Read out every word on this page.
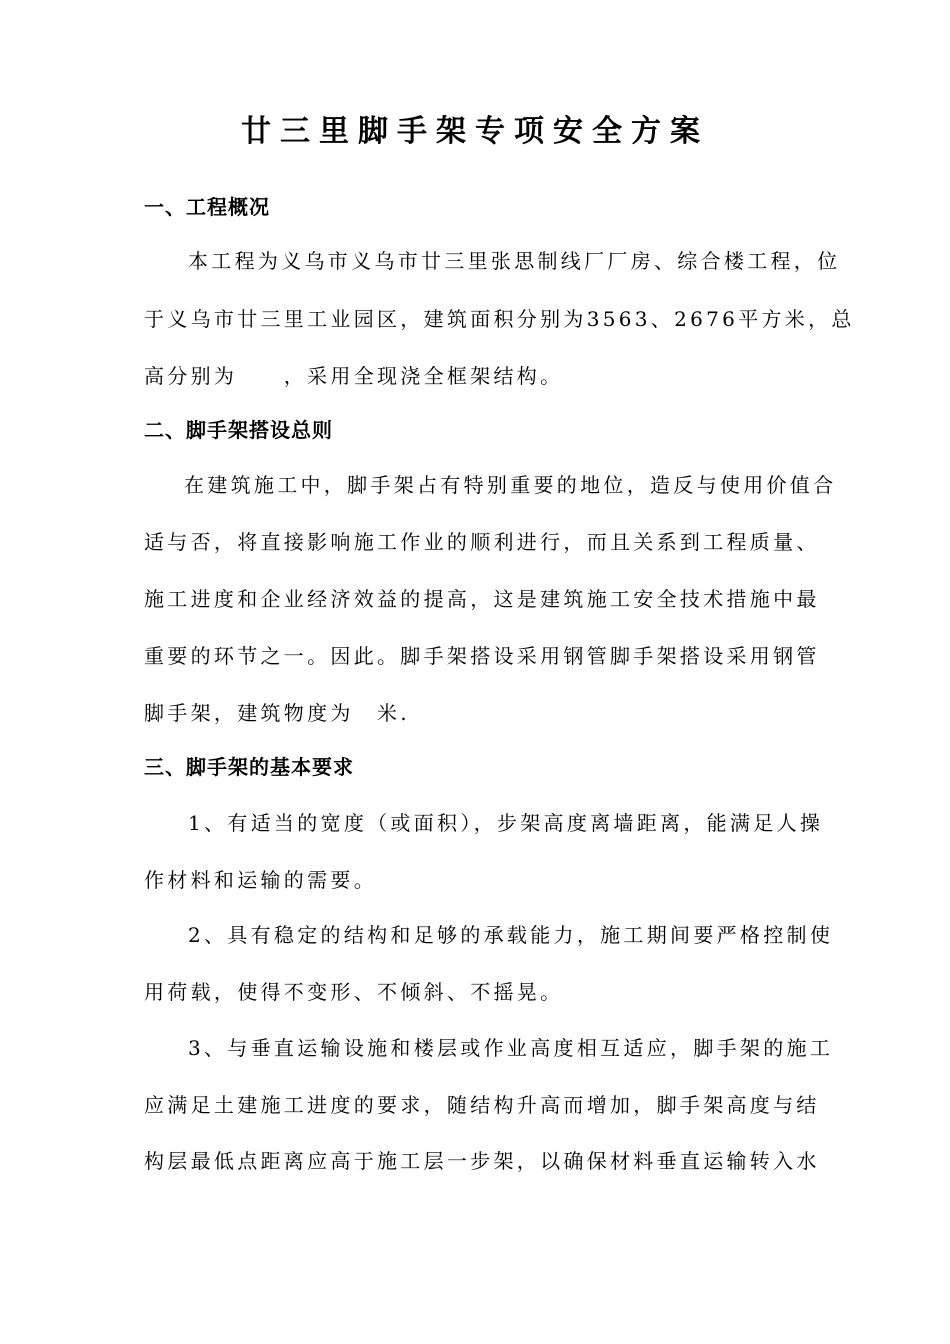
廿三里脚手架专项安全方案
一、工程概况
本工程为义乌市义乌市廿三里张思制线厂厂房、综合楼工程，位
于义乌市廿三里工业园区，建筑面积分别为3563、2676平方米，总
高分别为　　，采用全现浇全框架结构。
二、脚手架搭设总则
在建筑施工中，脚手架占有特别重要的地位，造反与使用价值合
适与否，将直接影响施工作业的顺利进行，而且关系到工程质量、
施工进度和企业经济效益的提高，这是建筑施工安全技术措施中最
重要的环节之一。因此。脚手架搭设采用钢管脚手架搭设采用钢管
脚手架，建筑物度为　米.
三、脚手架的基本要求
1、有适当的宽度（或面积），步架高度离墙距离，能满足人操
作材料和运输的需要。
2、具有稳定的结构和足够的承载能力，施工期间要严格控制使
用荷载，使得不变形、不倾斜、不摇晃。
3、与垂直运输设施和楼层或作业高度相互适应，脚手架的施工
应满足土建施工进度的要求，随结构升高而增加，脚手架高度与结
构层最低点距离应高于施工层一步架，以确保材料垂直运输转入水
